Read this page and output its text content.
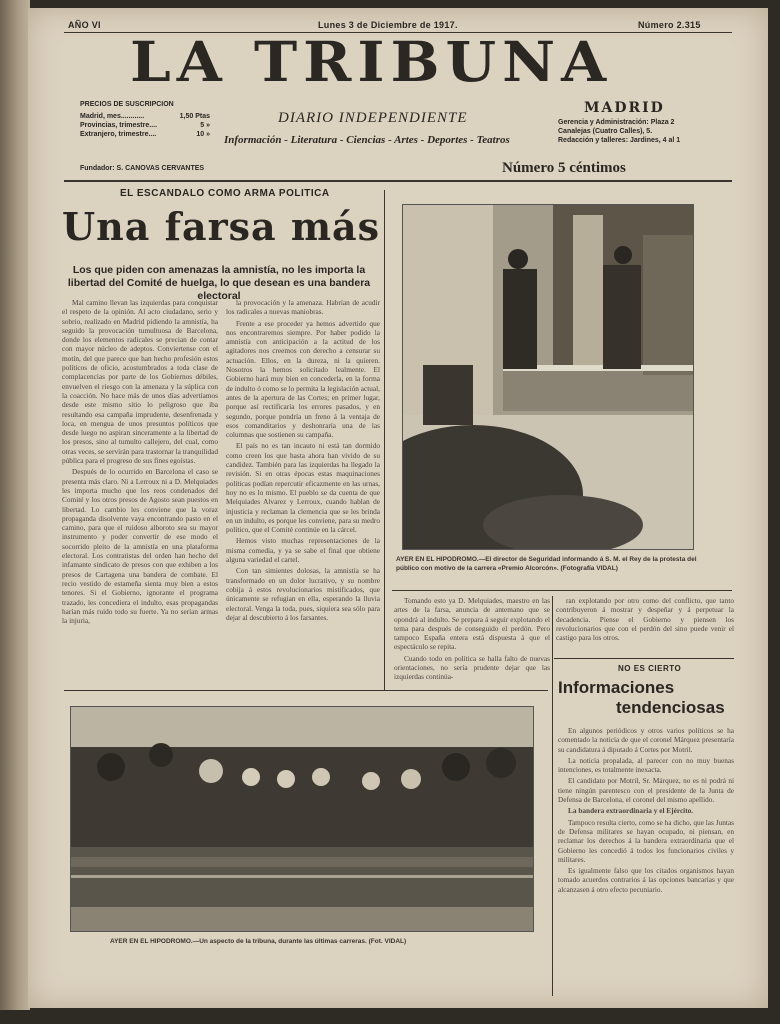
AÑO VI	Lunes 3 de Diciembre de 1917.	Número 2.315
LA TRIBUNA
DIARIO INDEPENDIENTE
Información - Literatura - Ciencias - Artes - Deportes - Teatros
MADRID
PRECIOS DE SUSCRIPCION
Madrid, mes............	1,50 Ptas
Provincias, trimestre....	5 »
Extranjero, trimestre....	10 »
Gerencia y Administración: Plaza 2
Canalejas (Cuatro Calles), 5.
Redacción y talleres: Jardines, 4 al 1
Fundador: S. CANOVAS CERVANTES	Número 5 céntimos
EL ESCANDALO COMO ARMA POLITICA
Una farsa más
Los que piden con amenazas la amnistía, no les importa la libertad del Comité de huelga, lo que desean es una bandera electoral

Mal camino llevan las izquierdas para conquistar el respeto de la opinión. Al acto ciudadano, serio y sobrio, realizado en Madrid pidiendo la amnistía, ha seguido la provocación tumultuosa de Barcelona, donde los elementos radicales se precian de contar con mayor núcleo de adeptos. Conviertense con el motín, del que parece que han hecho profesión estos políticos de oficio, acostumbrados a toda clase de complacencias por parte de los Gobiernos débiles, envuelven el riesgo con la amenaza y la súplica con la coacción. No hace más de unos días advertíamos desde este mismo sitio lo peligroso que iba resultando esa campaña imprudente, desenfrenada y loca, en mengua de unos presuntos políticos que desde luego no aspiran sinceramente a la libertad de los presos, sino al tumulto callejero, del cual, como otras veces, se servirán para trastornar la tranquilidad pública para el progreso de sus fines egoístas.

Después de lo ocurrido en Barcelona el caso se presenta más claro. Ni a Lerroux ni a D. Melquiades les importa mucho que los reos condenados del Comité y los otros presos de Agosto sean puestos en libertad. Lo cambio les conviene que la voraz propaganda disolvente vaya encontrando pasto en el camino, para que el ruidoso alboroto sea su mayor instrumento y poder convertir de ese modo el socorrido pleito de la amnistía en una plataforma electoral. Los contratistas del orden han hecho del infamante sindicato de presos con que exhiben a los presos de Cartagena una bandera de combate. El recio vestido de estameña sienta muy bien a estos tenores. Si el Gobierno, ignorante el programa trazado, les concediera el indulto, esas propagandas harían más ruido todo su fuerte. Ya no serían armas la injuria,

la provocación y la amenaza. Habrían de acudir los radicales a nuevas maniobras.

Frente a ese proceder ya hemos advertido que nos encontraremos siempre. Por haber podido la amnistía con anticipación a la actitud de los agitadores nos creemos con derecho a censurar su actuación. Ellos, en la dureza, ni la quieren. Nosotros la hemos solicitado lealmente. El Gobierno hará muy bien en concederla, en la forma de indulto ó como se lo permita la legislación actual, antes de la apertura de las Cortes; en primer lugar, porque así rectificaría los errores pasados, y en segundo, porque pondría un freno á la ventaja de esos comanditarios y deshonraría una de las columnas que sostienen su campaña.

El país no es tan incauto ni está tan dormido como creen los que hasta ahora han vivido de su candidez. También para las izquierdas ha llegado la revisión. Si en otras épocas estas maquinaciones políticas podían repercutir eficazmente en las urnas, hoy no es lo mismo. El pueblo se da cuenta de que Melquiades Alvarez y Lerroux, cuando hablan de injusticia y reclaman la clemencia que se les brinda en un indulto, es porque les conviene, para su medro político, que el Comité continúe en la cárcel.

Hemos visto muchas representaciones de la misma comedia, y ya se sabe el final que obtiene alguna variedad el cartel.

Con tan simientes dolosas, la amnistía se ha transformado en un dolor lucrativo, y su nombre cobija á estos revolucionarios mistificados, que únicamente se refugian en ella, esperando la lluvia electoral. Venga la toda, pues, siquiera sea sólo para dejar al descubierto á los farsantes.

AYER EN EL HIPODROMO.—El director de Seguridad informando á S. M. el Rey de la protesta del público con motivo de la carrera «Premio Alcorcón». (Fotografía VIDAL)

Tomando esto ya D. Melquiades, maestro en las artes de la farsa, anuncia de antemano que se opondrá al indulto. Se prepara á seguir explotando el tema para después de conseguido el perdón. Pero tampoco España entera está dispuesta á que el espectáculo se repita.

Cuando todo en política se halla falto de nuevas orientaciones, no sería prudente dejar que las izquierdas continúa-

ran explotando por otro como del conflicto, que tanto contribuyeron á mostrar y despeñar y á perpetuar la decadencia. Piense el Gobierno y piensen los revolucionarios que con el perdón del sino puede venir el castigo para los otros.

AYER EN EL HIPODROMO.—Un aspecto de la tribuna, durante las últimas carreras. (Fot. VIDAL)
NO ES CIERTO
Informaciones
tendenciosas

En algunos periódicos y otros varios políticos se ha comentado la noticia de que el coronel Márquez presentaría su candidatura á diputado á Cortes por Motril.

La noticia propalada, al parecer con no muy buenas intenciones, es totalmente inexacta.

El candidato por Motril, Sr. Márquez, no es ni podrá ni tiene ningún parentesco con el presidente de la Junta de Defensa de Barcelona, el coronel del mismo apellido.

La bandera extraordinaria y el Ejército.

Tampoco resulta cierto, como se ha dicho, que las Juntas de Defensa militares se hayan ocupado, ni piensan, en reclamar los derechos á la bandera extraordinaria que el Gobierno les concedió á todos los funcionarios civiles y militares.

Es igualmente falso que los citados organismos hayan tomado acuerdos contrarios á las opciones bancarias y que alcanzasen á otro efecto pecuniario.
